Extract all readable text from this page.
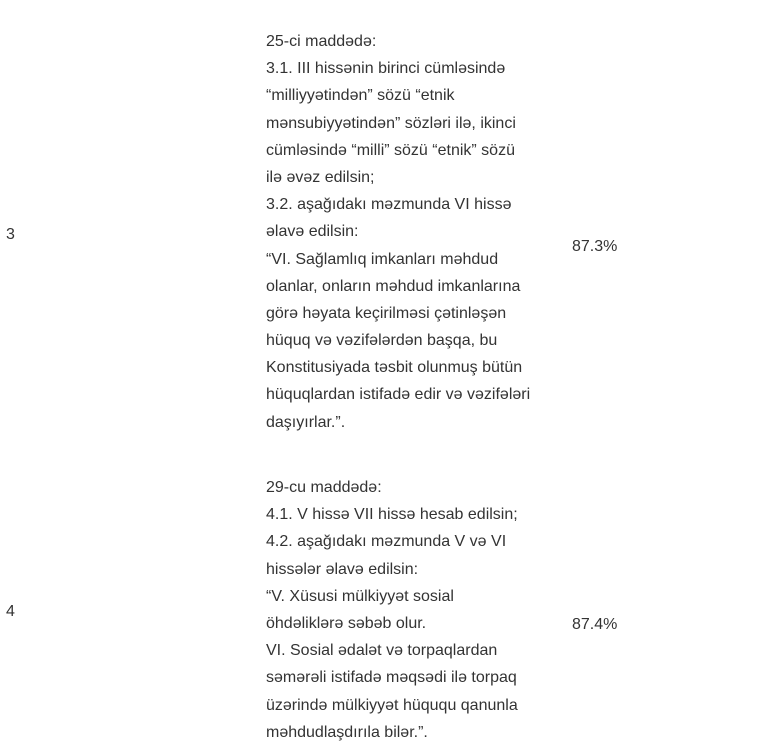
3
25-ci maddədə:
3.1. III hissənin birinci cümləsində
“milliyyətindən” sözü “etnik
mənsubiyyətindən” sözləri ilə, ikinci
cümləsində “milli” sözü “etnik” sözü
ilə əvəz edilsin;
3.2. aşağıdakı məzmunda VI hissə
əlavə edilsin:
“VI. Sağlamlıq imkanları məhdud
olanlar, onların məhdud imkanlarına
görə həyata keçirilməsi çətinləşən
hüquq və vəzifələrdən başqa, bu
Konstitusiyada təsbit olunmuş bütün
hüquqlardan istifadə edir və vəzifələri
daşıyırlar.”.
87.3%
29-cu maddədə:
4.1. V hissə VII hissə hesab edilsin;
4.2. aşağıdakı məzmunda V və VI
hissələr əlavə edilsin:
“V. Xüsusi mülkiyyət sosial
öhdəliklərə səbəb olur.
VI. Sosial ədalət və torpaqlardan
səmərəli istifadə məqsədi ilə torpaq
üzərində mülkiyyət hüququ qanunla
məhdudlaşdırıla bilər.”.
87.4%
4
